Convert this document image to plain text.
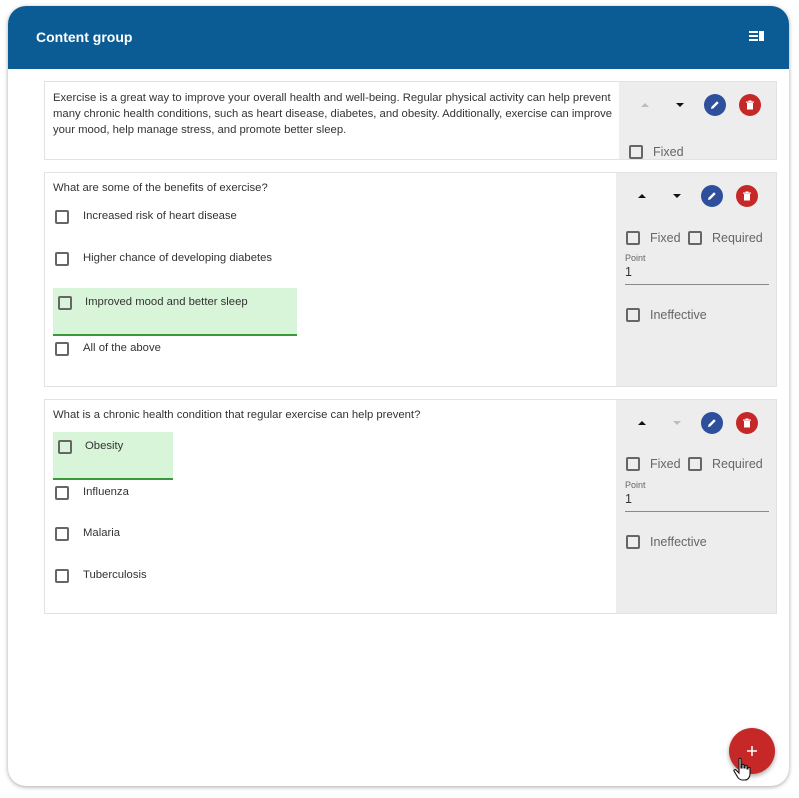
Content group
Exercise is a great way to improve your overall health and well-being. Regular physical activity can help prevent many chronic health conditions, such as heart disease, diabetes, and obesity. Additionally, exercise can improve your mood, help manage stress, and promote better sleep.
Fixed
What are some of the benefits of exercise?
Increased risk of heart disease
Higher chance of developing diabetes
Improved mood and better sleep
All of the above
Fixed	Required
Point
1
Ineffective
What is a chronic health condition that regular exercise can help prevent?
Obesity
Influenza
Malaria
Tuberculosis
Fixed	Required
Point
1
Ineffective
